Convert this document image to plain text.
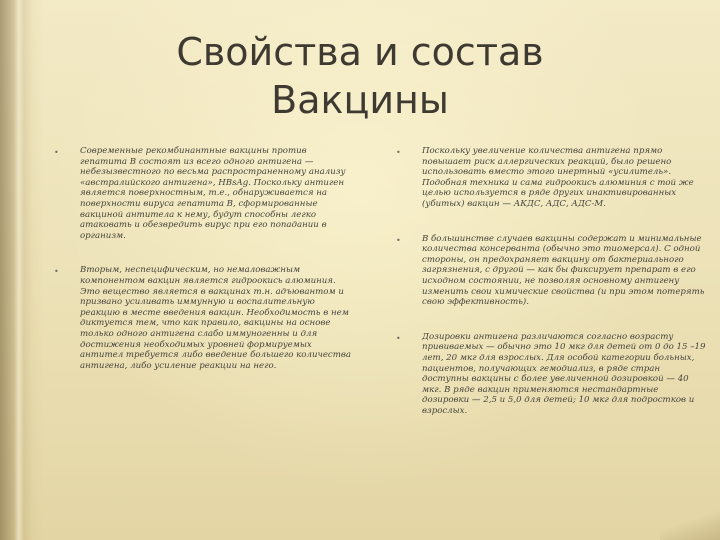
Свойства и состав
Вакцины
• Современные рекомбинантные вакцины против гепатита В состоят из всего одного антигена — небезызвестного по весьма распространенному анализу «австралийского антигена», HBsAg. Поскольку антиген является поверхностным, т.е., обнаруживается на поверхности вируса гепатита В, сформированные вакциной антитела к нему, будут способны легко атаковать и обезвредить вирус при его попадании в организм.
• Вторым, неспецифическим, но немаловажным компонентом вакцин является гидроокись алюминия. Это вещество является в вакцинах т.н. адъювантом и призвано усиливать иммунную и воспалительную реакцию в месте введения вакцин. Необходимость в нем диктуется тем, что как правило, вакцины на основе только одного антигена слабо иммуногенны и для достижения необходимых уровней формируемых антител требуется либо введение большего количества антигена, либо усиление реакции на него.
• Поскольку увеличение количества антигена прямо повышает риск аллергических реакций, было решено использовать вместо этого инертный «усилитель». Подобная техника и сама гидроокись алюминия с той же целью используется в ряде других инактивированных (убитых) вакцин — АКДС, АДС, АДС-М.
• В большинстве случаев вакцины содержат и минимальные количества консерванта (обычно это тиомерсал). С одной стороны, он предохраняет вакцину от бактериального загрязнения, с другой — как бы фиксирует препарат в его исходном состоянии, не позволяя основному антигену изменить свои химические свойства (и при этом потерять свою эффективность).
• Дозировки антигена различаются согласно возрасту прививаемых — обычно это 10 мкг для детей от 0 до 15 –19 лет, 20 мкг для взрослых. Для особой категории больных, пациентов, получающих гемодиализ, в ряде стран доступны вакцины с более увеличенной дозировкой — 40 мкг. В ряде вакцин применяются нестандартные дозировки — 2,5 и 5,0 для детей; 10 мкг для подростков и взрослых.
